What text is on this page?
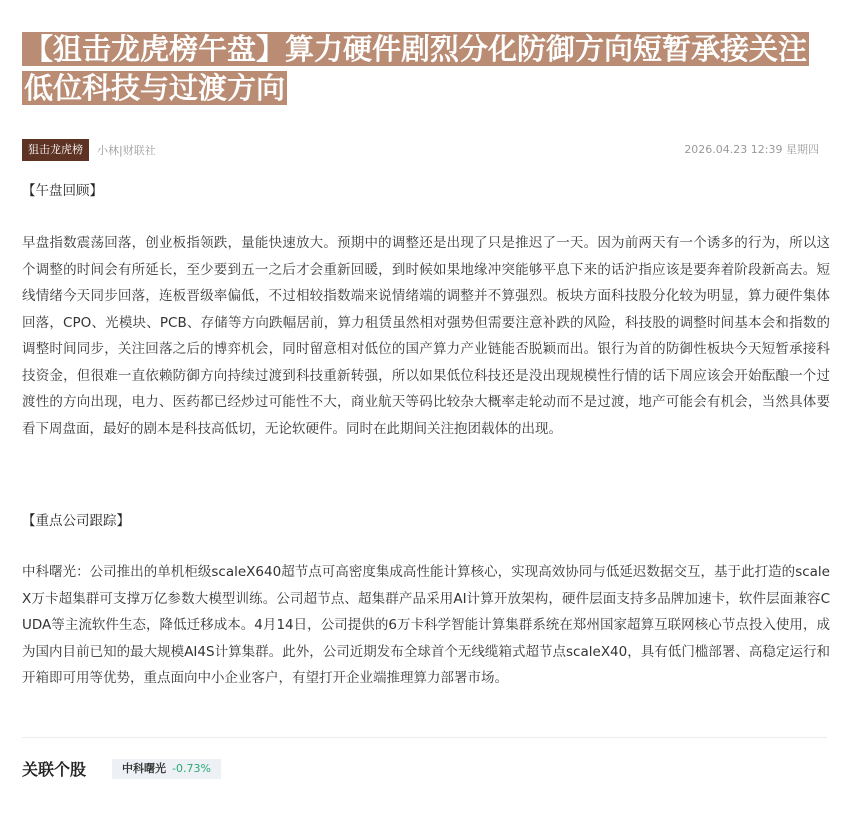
【狙击龙虎榜午盘】算力硬件剧烈分化防御方向短暂承接关注低位科技与过渡方向
狙击龙虎榜	小林|财联社	2026.04.23 12:39 星期四
【午盘回顾】

早盘指数震荡回落，创业板指领跌，量能快速放大。预期中的调整还是出现了只是推迟了一天。因为前两天有一个诱多的行为，所以这个调整的时间会有所延长，至少要到五一之后才会重新回暖，到时候如果地缘冲突能够平息下来的话沪指应该是要奔着阶段新高去。短线情绪今天同步回落，连板晋级率偏低，不过相较指数端来说情绪端的调整并不算强烈。板块方面科技股分化较为明显，算力硬件集体回落，CPO、光模块、PCB、存储等方向跌幅居前，算力租赁虽然相对强势但需要注意补跌的风险，科技股的调整时间基本会和指数的调整时间同步，关注回落之后的博弈机会，同时留意相对低位的国产算力产业链能否脱颖而出。银行为首的防御性板块今天短暂承接科技资金，但很难一直依赖防御方向持续过渡到科技重新转强，所以如果低位科技还是没出现规模性行情的话下周应该会开始酝酿一个过渡性的方向出现，电力、医药都已经炒过可能性不大，商业航天等码比较杂大概率走轮动而不是过渡，地产可能会有机会，当然具体要看下周盘面，最好的剧本是科技高低切，无论软硬件。同时在此期间关注抱团载体的出现。

【重点公司跟踪】

中科曙光：公司推出的单机柜级scaleX640超节点可高密度集成高性能计算核心，实现高效协同与低延迟数据交互，基于此打造的scaleX万卡超集群可支撑万亿参数大模型训练。公司超节点、超集群产品采用AI计算开放架构，硬件层面支持多品牌加速卡，软件层面兼容CUDA等主流软件生态，降低迁移成本。4月14日，公司提供的6万卡科学智能计算集群系统在郑州国家超算互联网核心节点投入使用，成为国内目前已知的最大规模AI4S计算集群。此外，公司近期发布全球首个无线缆箱式超节点scaleX40，具有低门槛部署、高稳定运行和开箱即可用等优势，重点面向中小企业客户，有望打开企业端推理算力部署市场。

关联个股	中科曙光 -0.73%
